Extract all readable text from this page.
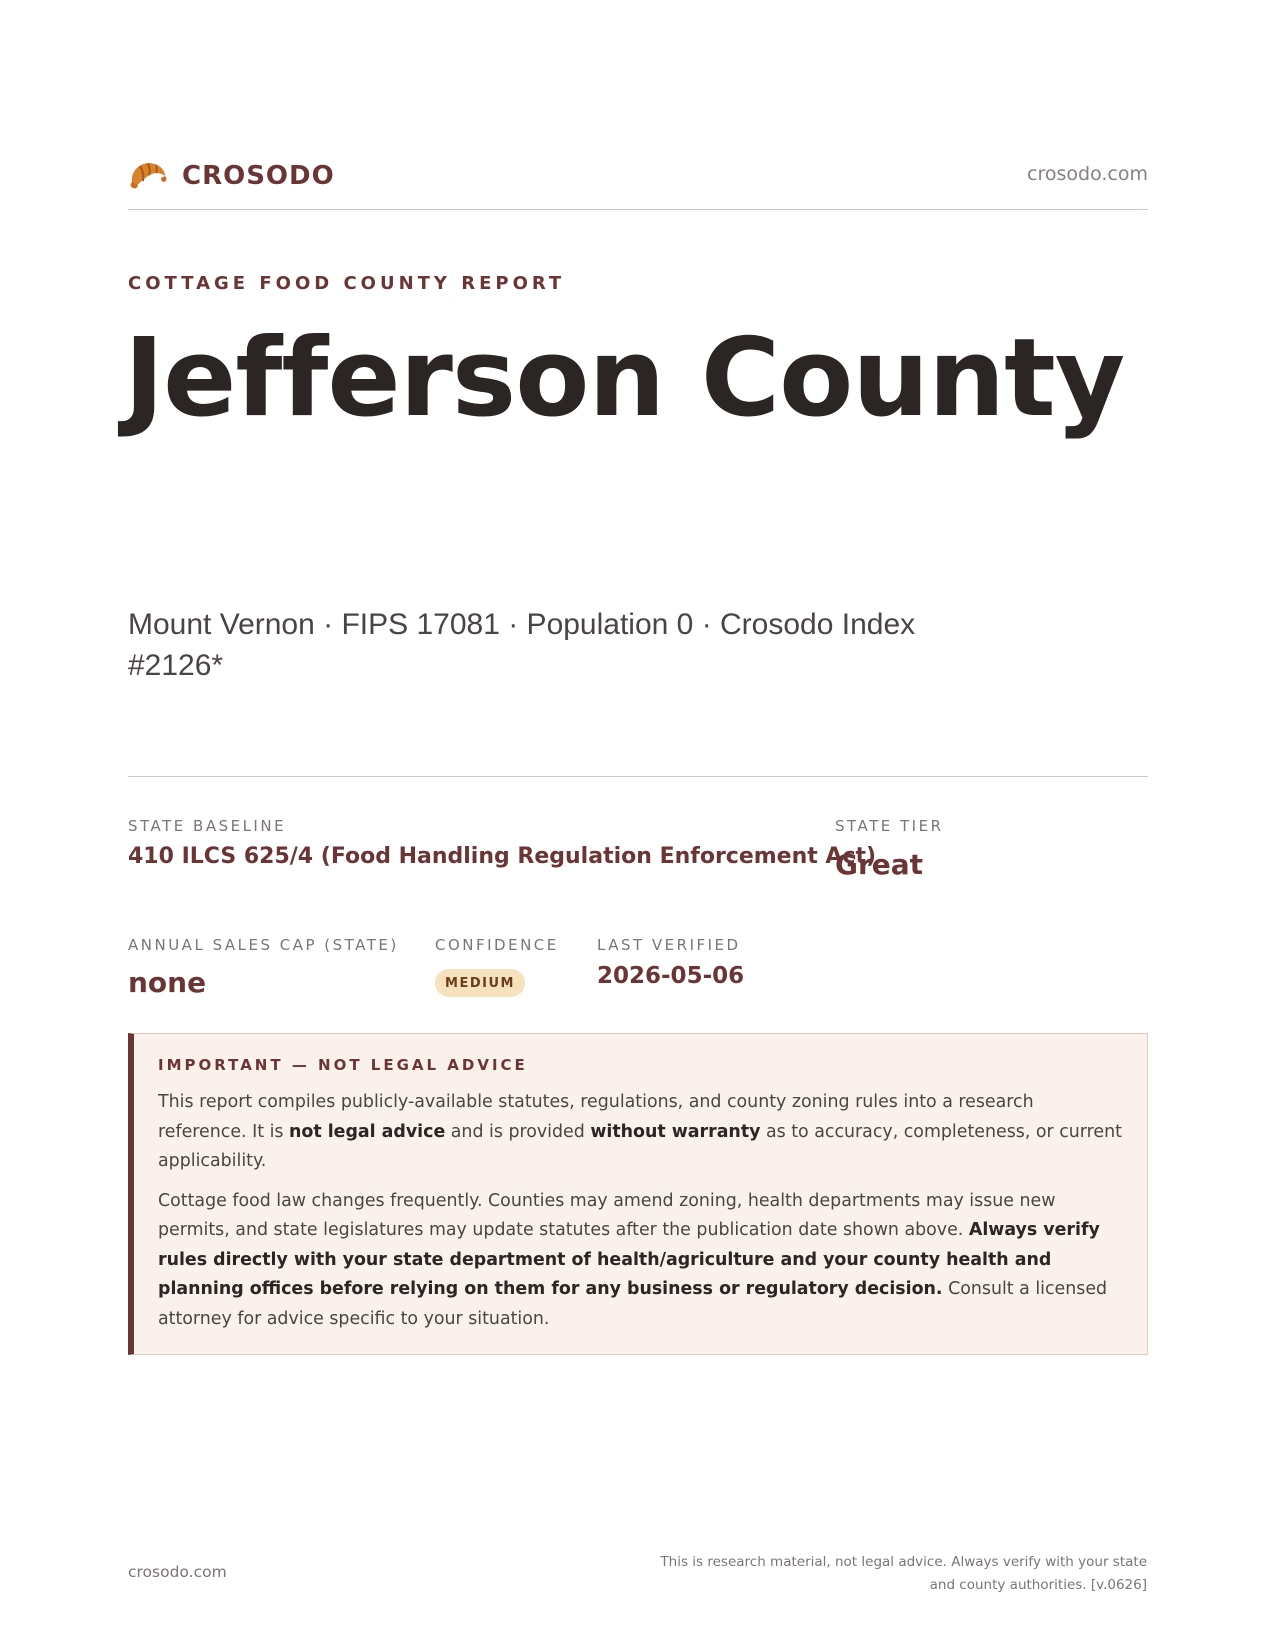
CROSODO	crosodo.com
COTTAGE FOOD COUNTY REPORT
Jefferson County
Mount Vernon · FIPS 17081 · Population 0 · Crosodo Index #2126*
STATE BASELINE
410 ILCS 625/4 (Food Handling Regulation Enforcement Act)
STATE TIER
Great
ANNUAL SALES CAP (STATE)
none
CONFIDENCE
MEDIUM
LAST VERIFIED
2026-05-06
IMPORTANT — NOT LEGAL ADVICE

This report compiles publicly-available statutes, regulations, and county zoning rules into a research reference. It is not legal advice and is provided without warranty as to accuracy, completeness, or current applicability.

Cottage food law changes frequently. Counties may amend zoning, health departments may issue new permits, and state legislatures may update statutes after the publication date shown above. Always verify rules directly with your state department of health/agriculture and your county health and planning offices before relying on them for any business or regulatory decision. Consult a licensed attorney for advice specific to your situation.

crosodo.com
This is research material, not legal advice. Always verify with your state
and county authorities. [v.0626]
